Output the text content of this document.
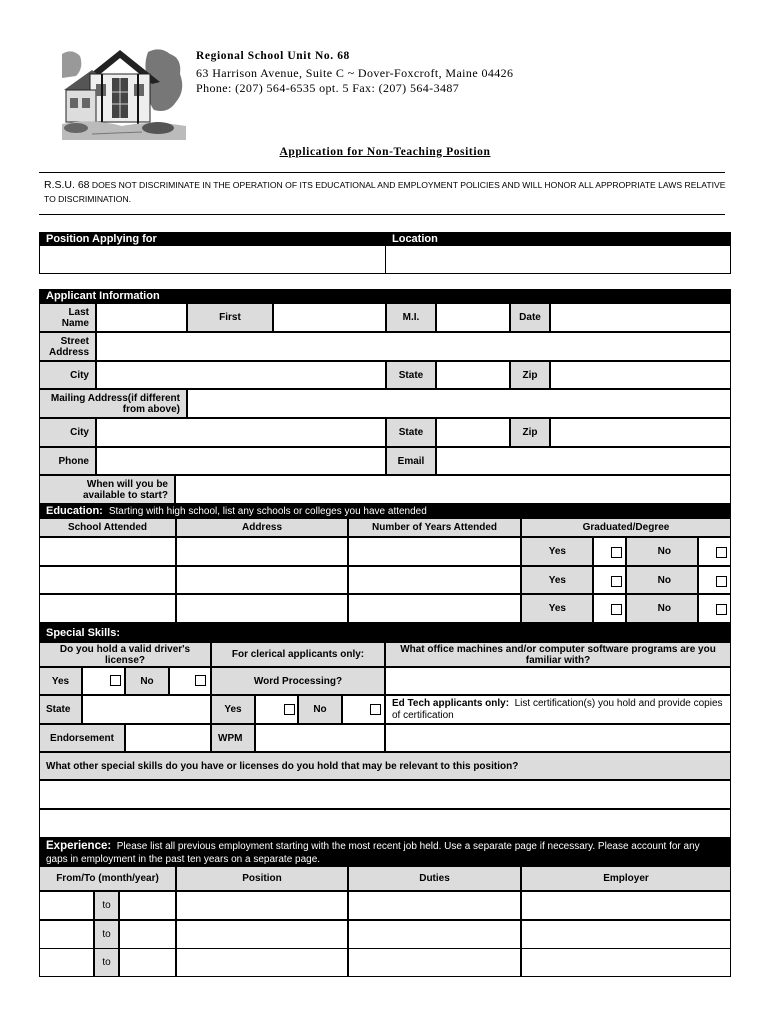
Regional School Unit No. 68
63 Harrison Avenue, Suite C ~ Dover-Foxcroft, Maine 04426
Phone: (207) 564-6535 opt. 5 Fax: (207) 564-3487
Application for Non-Teaching Position
R.S.U. 68 DOES NOT DISCRIMINATE IN THE OPERATION OF ITS EDUCATIONAL AND EMPLOYMENT POLICIES AND WILL HONOR ALL APPROPRIATE LAWS RELATIVE TO DISCRIMINATION.
Position Applying for	Location
Applicant Information
Last Name	First	M.I.	Date
Street Address
City	State	Zip
Mailing Address(if different from above)
City	State	Zip
Phone	Email
When will you be available to start?
Education: Starting with high school, list any schools or colleges you have attended
School Attended	Address	Number of Years Attended	Graduated/Degree
Yes	No
Yes	No
Yes	No
Special Skills:
Do you hold a valid driver's license?	For clerical applicants only:	What office machines and/or computer software programs are you familiar with?
Yes	No	Word Processing?
State	Yes	No
Ed Tech applicants only: List certification(s) you hold and provide copies of certification
Endorsement	WPM
What other special skills do you have or licenses do you hold that may be relevant to this position?
Experience: Please list all previous employment starting with the most recent job held. Use a separate page if necessary. Please account for any gaps in employment in the past ten years on a separate page.
From/To (month/year)	Position	Duties	Employer
to
to
to
